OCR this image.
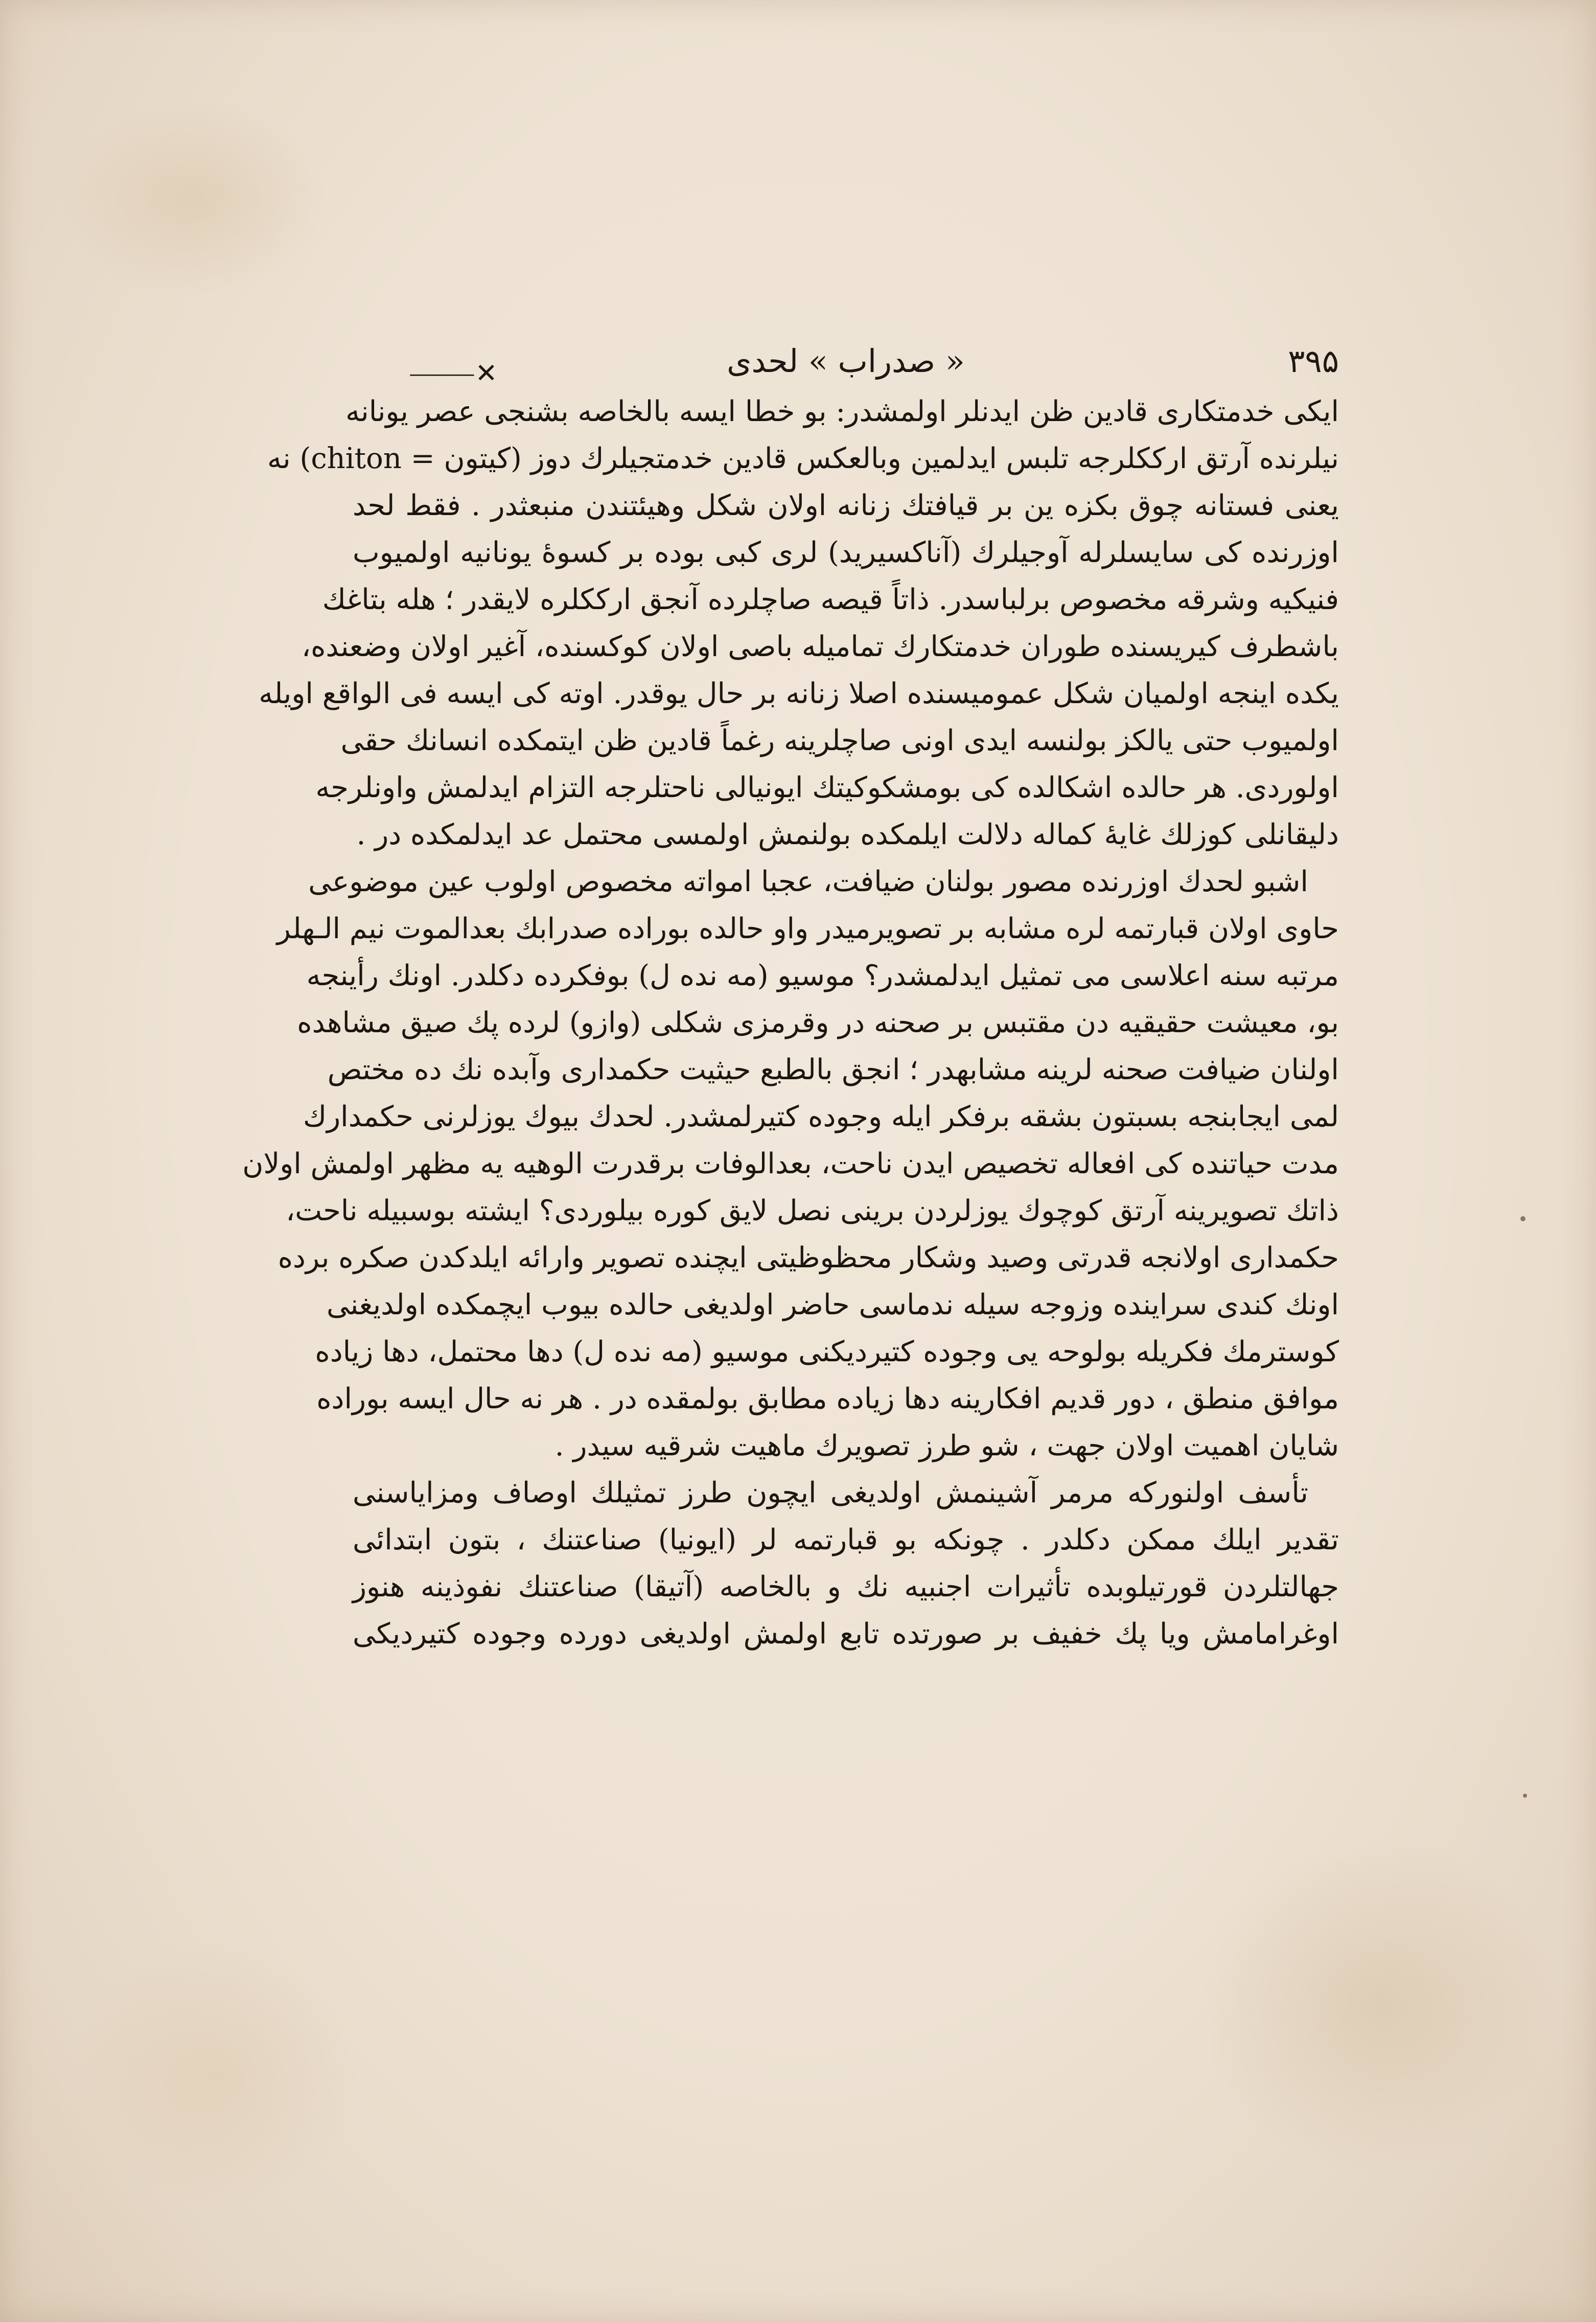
۳۹۵
⸻✕	« صدراب » لحدی
ایکی خدمتکاری قادین ظن ایدنلر اولمشدر: بو خطا ایسه بالخاصه بشنجی عصر یونانه
نیلرنده آرتق ارککلرجه تلبس ایدلمین وبالعکس قادین خدمتجیلرك دوز (کیتون = chiton) نه
یعنی فستانه چوق بکزه ین بر قیافتك زنانه اولان شکل وهیئتندن منبعثدر . فقط لحد
اوزرنده کی سایسلرله آوجیلرك (آناکسیرید) لری کبی بوده بر کسوهٔ یونانیه اولمیوب
فنیکیه وشرقه مخصوص برلباسدر. ذاتاً قیصه صاچلرده آنجق ارککلره لایقدر ؛ هله بتاغك
باشطرف کیریسنده طوران خدمتکارك تماميله باصی اولان کوکسنده، آغیر اولان وضعنده،
یکده اینجه اولمیان شکل عمومیسنده اصلا زنانه بر حال یوقدر. اوته کی ایسه فی الواقع اویله
اولمیوب حتی یالکز بولنسه ایدی اونی صاچلرینه رغماً قادین ظن ایتمکده انسانك حقی
اولوردی. هر حالده اشکالده کی بومشکوکیتك ایونیالی ناحتلرجه التزام ایدلمش واونلرجه
دلیقانلی کوزلك غایهٔ کماله دلالت ایلمکده بولنمش اولمسی محتمل عد ایدلمکده در .
اشبو لحدك اوزرنده مصور بولنان ضیافت، عجبا امواته مخصوص اولوب عین موضوعی
حاوی اولان قبارتمه لره مشابه بر تصویرمیدر واو حالده بوراده صدرابك بعدالموت نیم الـهلر
مرتبه سنه اعلاسی می تمثیل ایدلمشدر؟ موسیو (مه نده ل) بوفکرده دکلدر. اونك رأینجه
بو، معیشت حقیقیه دن مقتبس بر صحنه در وقرمزی شکلی (وازو) لرده پك صیق مشاهده
اولنان ضیافت صحنه لرینه مشابهدر ؛ انجق بالطبع حیثیت حکمداری وآبده نك ده مختص
لمی ایجابنجه بسبتون بشقه برفکر ایله وجوده کتیرلمشدر. لحدك بیوك یوزلرنی حکمدارك
مدت حیاتنده کی افعاله تخصیص ایدن ناحت، بعدالوفات برقدرت الوهیه یه مظهر اولمش اولان
ذاتك تصویرینه آرتق کوچوك یوزلردن برینی نصل لایق کوره بیلوردی؟ ایشته بوسبیله ناحت،
حکمداری اولانجه قدرتی وصید وشکار محظوظیتی ایچنده تصویر وارائه ایلدکدن صکره برده
اونك کندی سراینده وزوجه سیله ندماسی حاضر اولدیغی حالده بیوب ایچمکده اولدیغنی
کوسترمك فکریله بولوحه یی وجوده کتیردیکنی موسیو (مه نده ل) دها محتمل، دها زیاده
موافق منطق ، دور قدیم افکارینه دها زیاده مطابق بولمقده در . هر نه حال ایسه بوراده
شایان اهمیت اولان جهت ، شو طرز تصویرك ماهیت شرقیه سیدر .
تأسف اولنورکه مرمر آشینمش اولدیغی ایچون طرز تمثیلك اوصاف ومزایاسنی
تقدیر ایلك ممکن دکلدر . چونکه بو قبارتمه لر (ایونیا) صناعتنك ، بتون ابتدائی
جهالتلردن قورتیلوبده تأثیرات اجنبیه نك و بالخاصه (آتیقا) صناعتنك نفوذینه هنوز
اوغرامامش ویا پك خفیف بر صورتده تابع اولمش اولدیغی دورده وجوده کتیردیکی
